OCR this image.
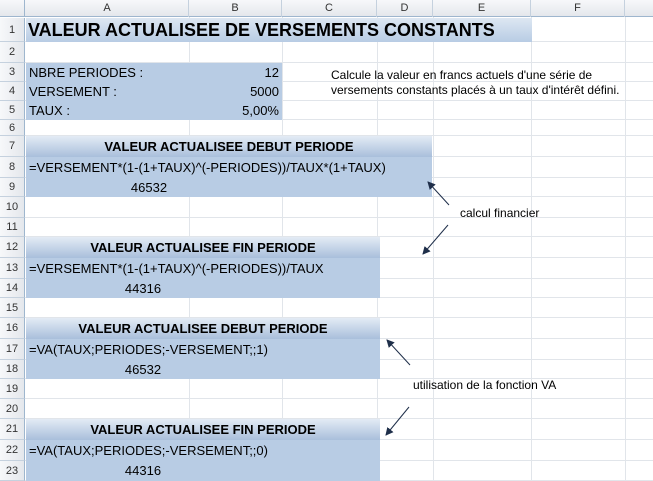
A	B	C	D	E	F
1
2
3
4
5
6
7
8
9
10
11
12
13
14
15
16
17
18
19
20
21
22
23
VALEUR ACTUALISEE DE VERSEMENTS CONSTANTS
NBRE PERIODES :	12
VERSEMENT :	5000
TAUX :	5,00%
Calcule la valeur en francs actuels d'une série de
versements constants placés à un taux d'intérêt défini.
VALEUR ACTUALISEE DEBUT PERIODE
=VERSEMENT*(1-(1+TAUX)^(-PERIODES))/TAUX*(1+TAUX)
46532
VALEUR ACTUALISEE FIN PERIODE
=VERSEMENT*(1-(1+TAUX)^(-PERIODES))/TAUX
44316
VALEUR ACTUALISEE DEBUT PERIODE
=VA(TAUX;PERIODES;-VERSEMENT;;1)
46532
VALEUR ACTUALISEE FIN PERIODE
=VA(TAUX;PERIODES;-VERSEMENT;;0)
44316
calcul financier
utilisation de la fonction VA
